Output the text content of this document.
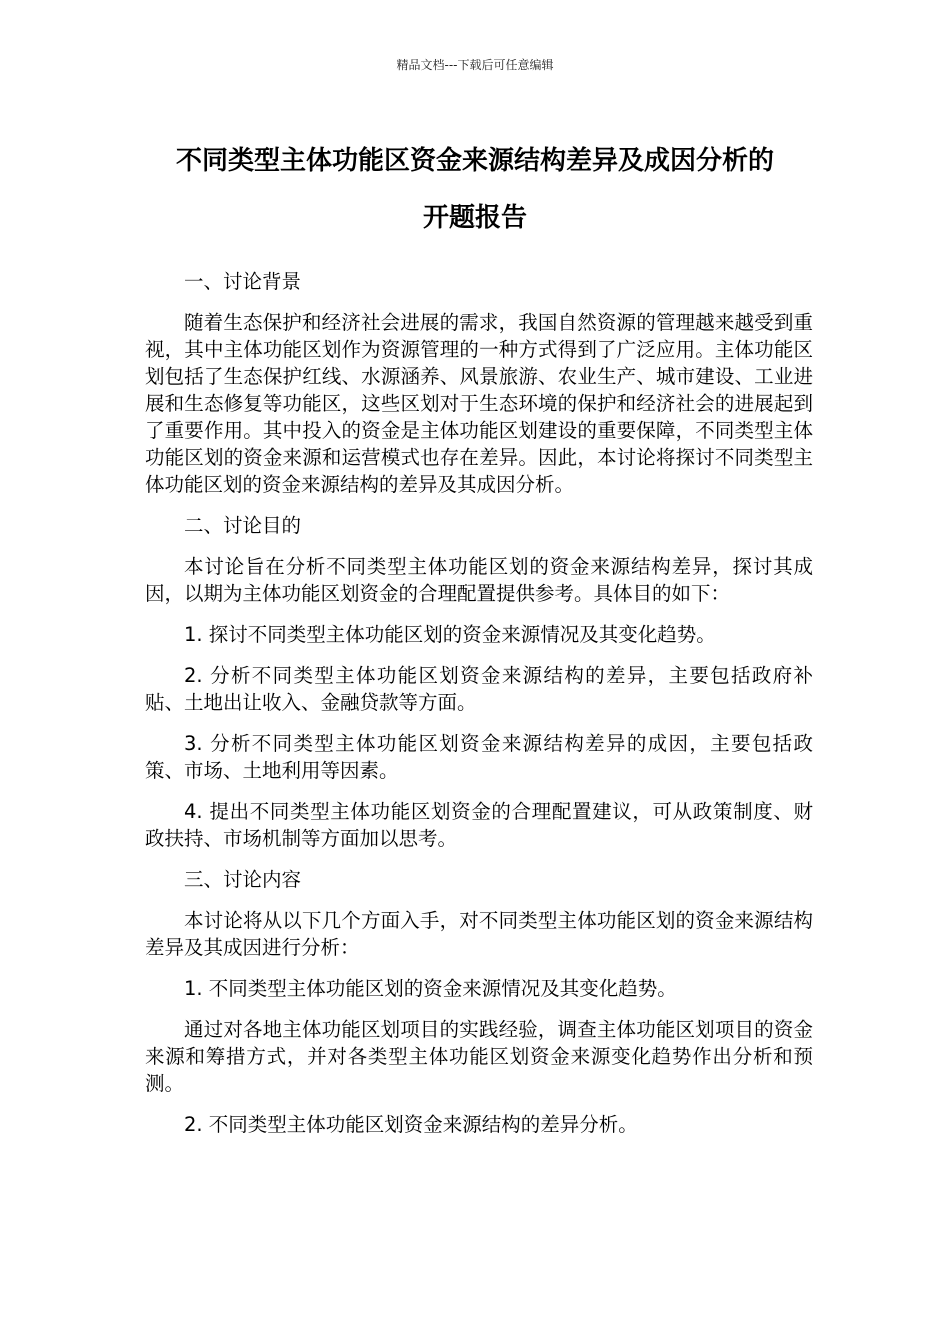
精品文档---下载后可任意编辑
不同类型主体功能区资金来源结构差异及成因分析的
开题报告

一、讨论背景

随着生态保护和经济社会进展的需求，我国自然资源的管理越来越受到重视，其中主体功能区划作为资源管理的一种方式得到了广泛应用。主体功能区划包括了生态保护红线、水源涵养、风景旅游、农业生产、城市建设、工业进展和生态修复等功能区，这些区划对于生态环境的保护和经济社会的进展起到了重要作用。其中投入的资金是主体功能区划建设的重要保障，不同类型主体功能区划的资金来源和运营模式也存在差异。因此，本讨论将探讨不同类型主体功能区划的资金来源结构的差异及其成因分析。

二、讨论目的

本讨论旨在分析不同类型主体功能区划的资金来源结构差异，探讨其成因，以期为主体功能区划资金的合理配置提供参考。具体目的如下：

1. 探讨不同类型主体功能区划的资金来源情况及其变化趋势。

2. 分析不同类型主体功能区划资金来源结构的差异，主要包括政府补贴、土地出让收入、金融贷款等方面。

3. 分析不同类型主体功能区划资金来源结构差异的成因，主要包括政策、市场、土地利用等因素。

4. 提出不同类型主体功能区划资金的合理配置建议，可从政策制度、财政扶持、市场机制等方面加以思考。

三、讨论内容

本讨论将从以下几个方面入手，对不同类型主体功能区划的资金来源结构差异及其成因进行分析：

1. 不同类型主体功能区划的资金来源情况及其变化趋势。

通过对各地主体功能区划项目的实践经验，调查主体功能区划项目的资金来源和筹措方式，并对各类型主体功能区划资金来源变化趋势作出分析和预测。

2. 不同类型主体功能区划资金来源结构的差异分析。
